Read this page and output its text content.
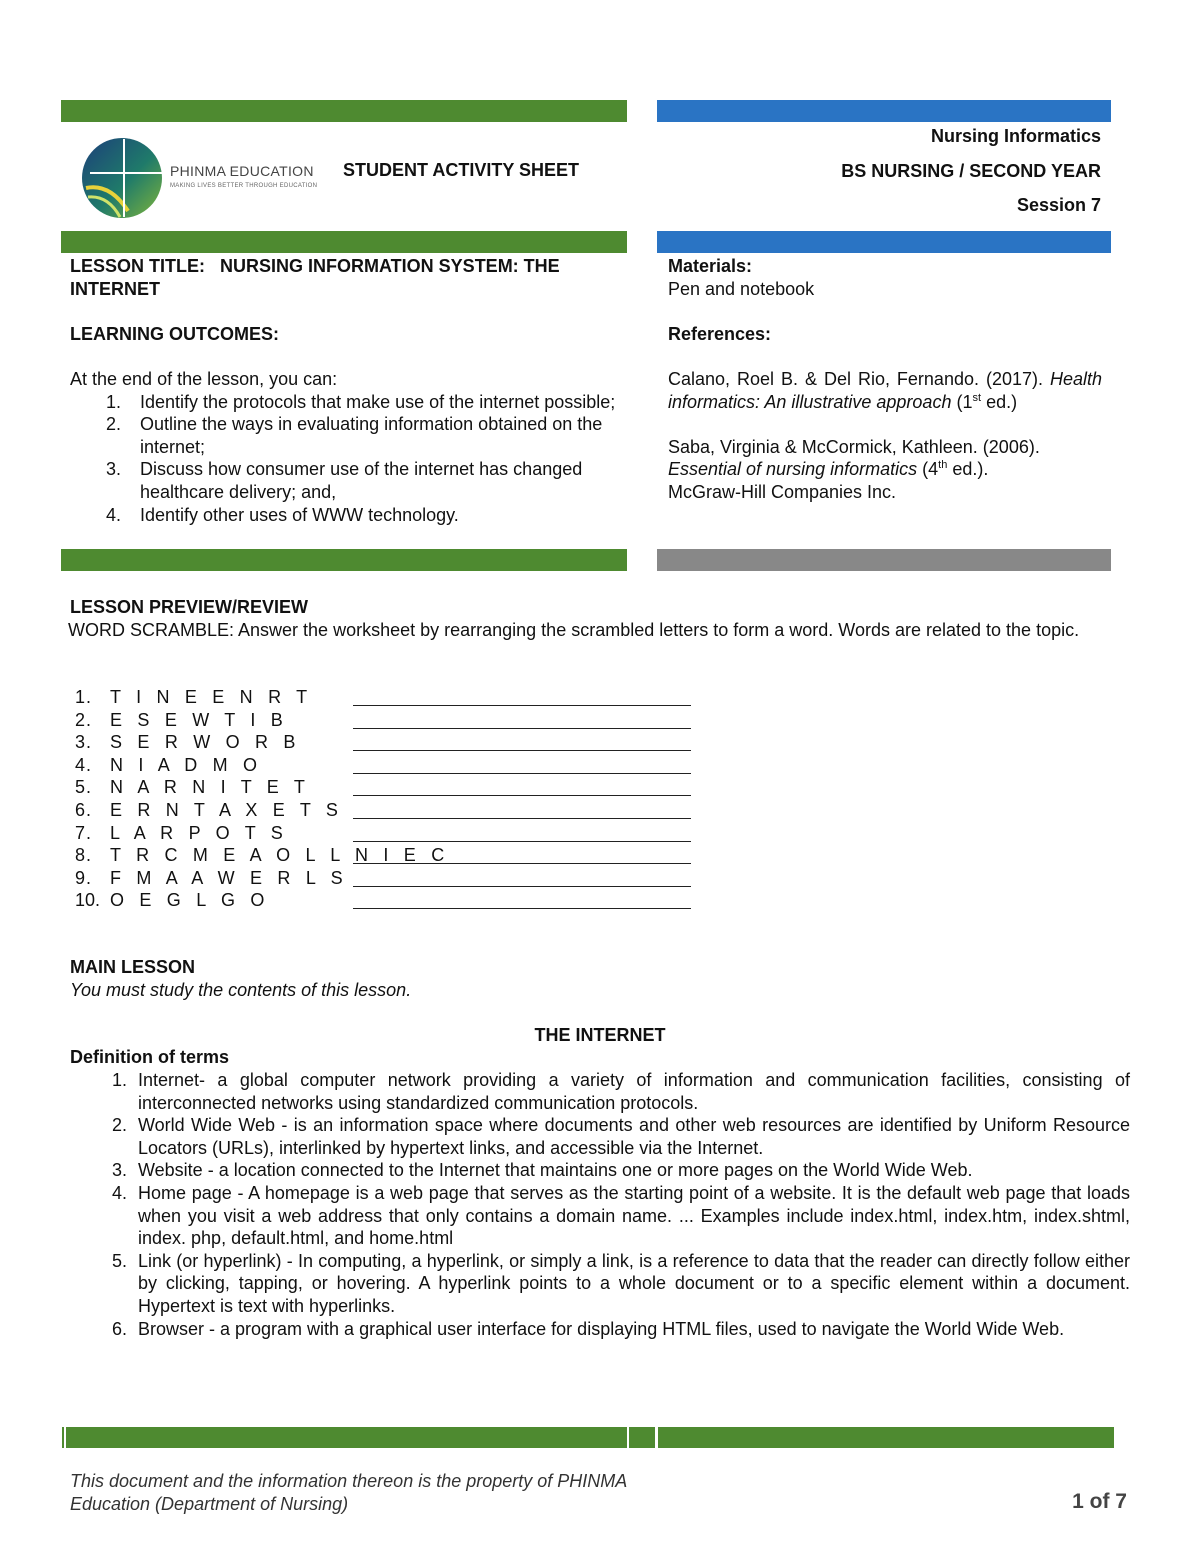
PHINMA EDUCATION
MAKING LIVES BETTER THROUGH EDUCATION
STUDENT ACTIVITY SHEET
Nursing Informatics
BS NURSING / SECOND YEAR
Session 7
LESSON TITLE: NURSING INFORMATION SYSTEM: THE INTERNET
LEARNING OUTCOMES:
At the end of the lesson, you can:
1. Identify the protocols that make use of the internet possible;
2. Outline the ways in evaluating information obtained on the internet;
3. Discuss how consumer use of the internet has changed healthcare delivery; and,
4. Identify other uses of WWW technology.
Materials:
Pen and notebook
References:
Calano, Roel B. & Del Rio, Fernando. (2017). Health informatics: An illustrative approach (1st ed.)
Saba, Virginia & McCormick, Kathleen. (2006).
Essential of nursing informatics (4th ed.).
McGraw-Hill Companies Inc.
LESSON PREVIEW/REVIEW
WORD SCRAMBLE: Answer the worksheet by rearranging the scrambled letters to form a word. Words are related to the topic.
1. T I N E E N R T
2. E S E W T I B
3. S E R W O R B
4. N I A D M O
5. N A R N I T E T
6. E R N T A X E T S
7. L A R P O T S
8. T R C M E A O L L N I E C
9. F M A A W E R L S
10. O E G L G O
MAIN LESSON
You must study the contents of this lesson.
THE INTERNET
Definition of terms
1. Internet- a global computer network providing a variety of information and communication facilities, consisting of interconnected networks using standardized communication protocols.
2. World Wide Web - is an information space where documents and other web resources are identified by Uniform Resource Locators (URLs), interlinked by hypertext links, and accessible via the Internet.
3. Website - a location connected to the Internet that maintains one or more pages on the World Wide Web.
4. Home page - A homepage is a web page that serves as the starting point of a website. It is the default web page that loads when you visit a web address that only contains a domain name. ... Examples include index.html, index.htm, index.shtml, index. php, default.html, and home.html
5. Link (or hyperlink) - In computing, a hyperlink, or simply a link, is a reference to data that the reader can directly follow either by clicking, tapping, or hovering. A hyperlink points to a whole document or to a specific element within a document. Hypertext is text with hyperlinks.
6. Browser - a program with a graphical user interface for displaying HTML files, used to navigate the World Wide Web.
This document and the information thereon is the property of PHINMA
Education (Department of Nursing)	1 of 7
